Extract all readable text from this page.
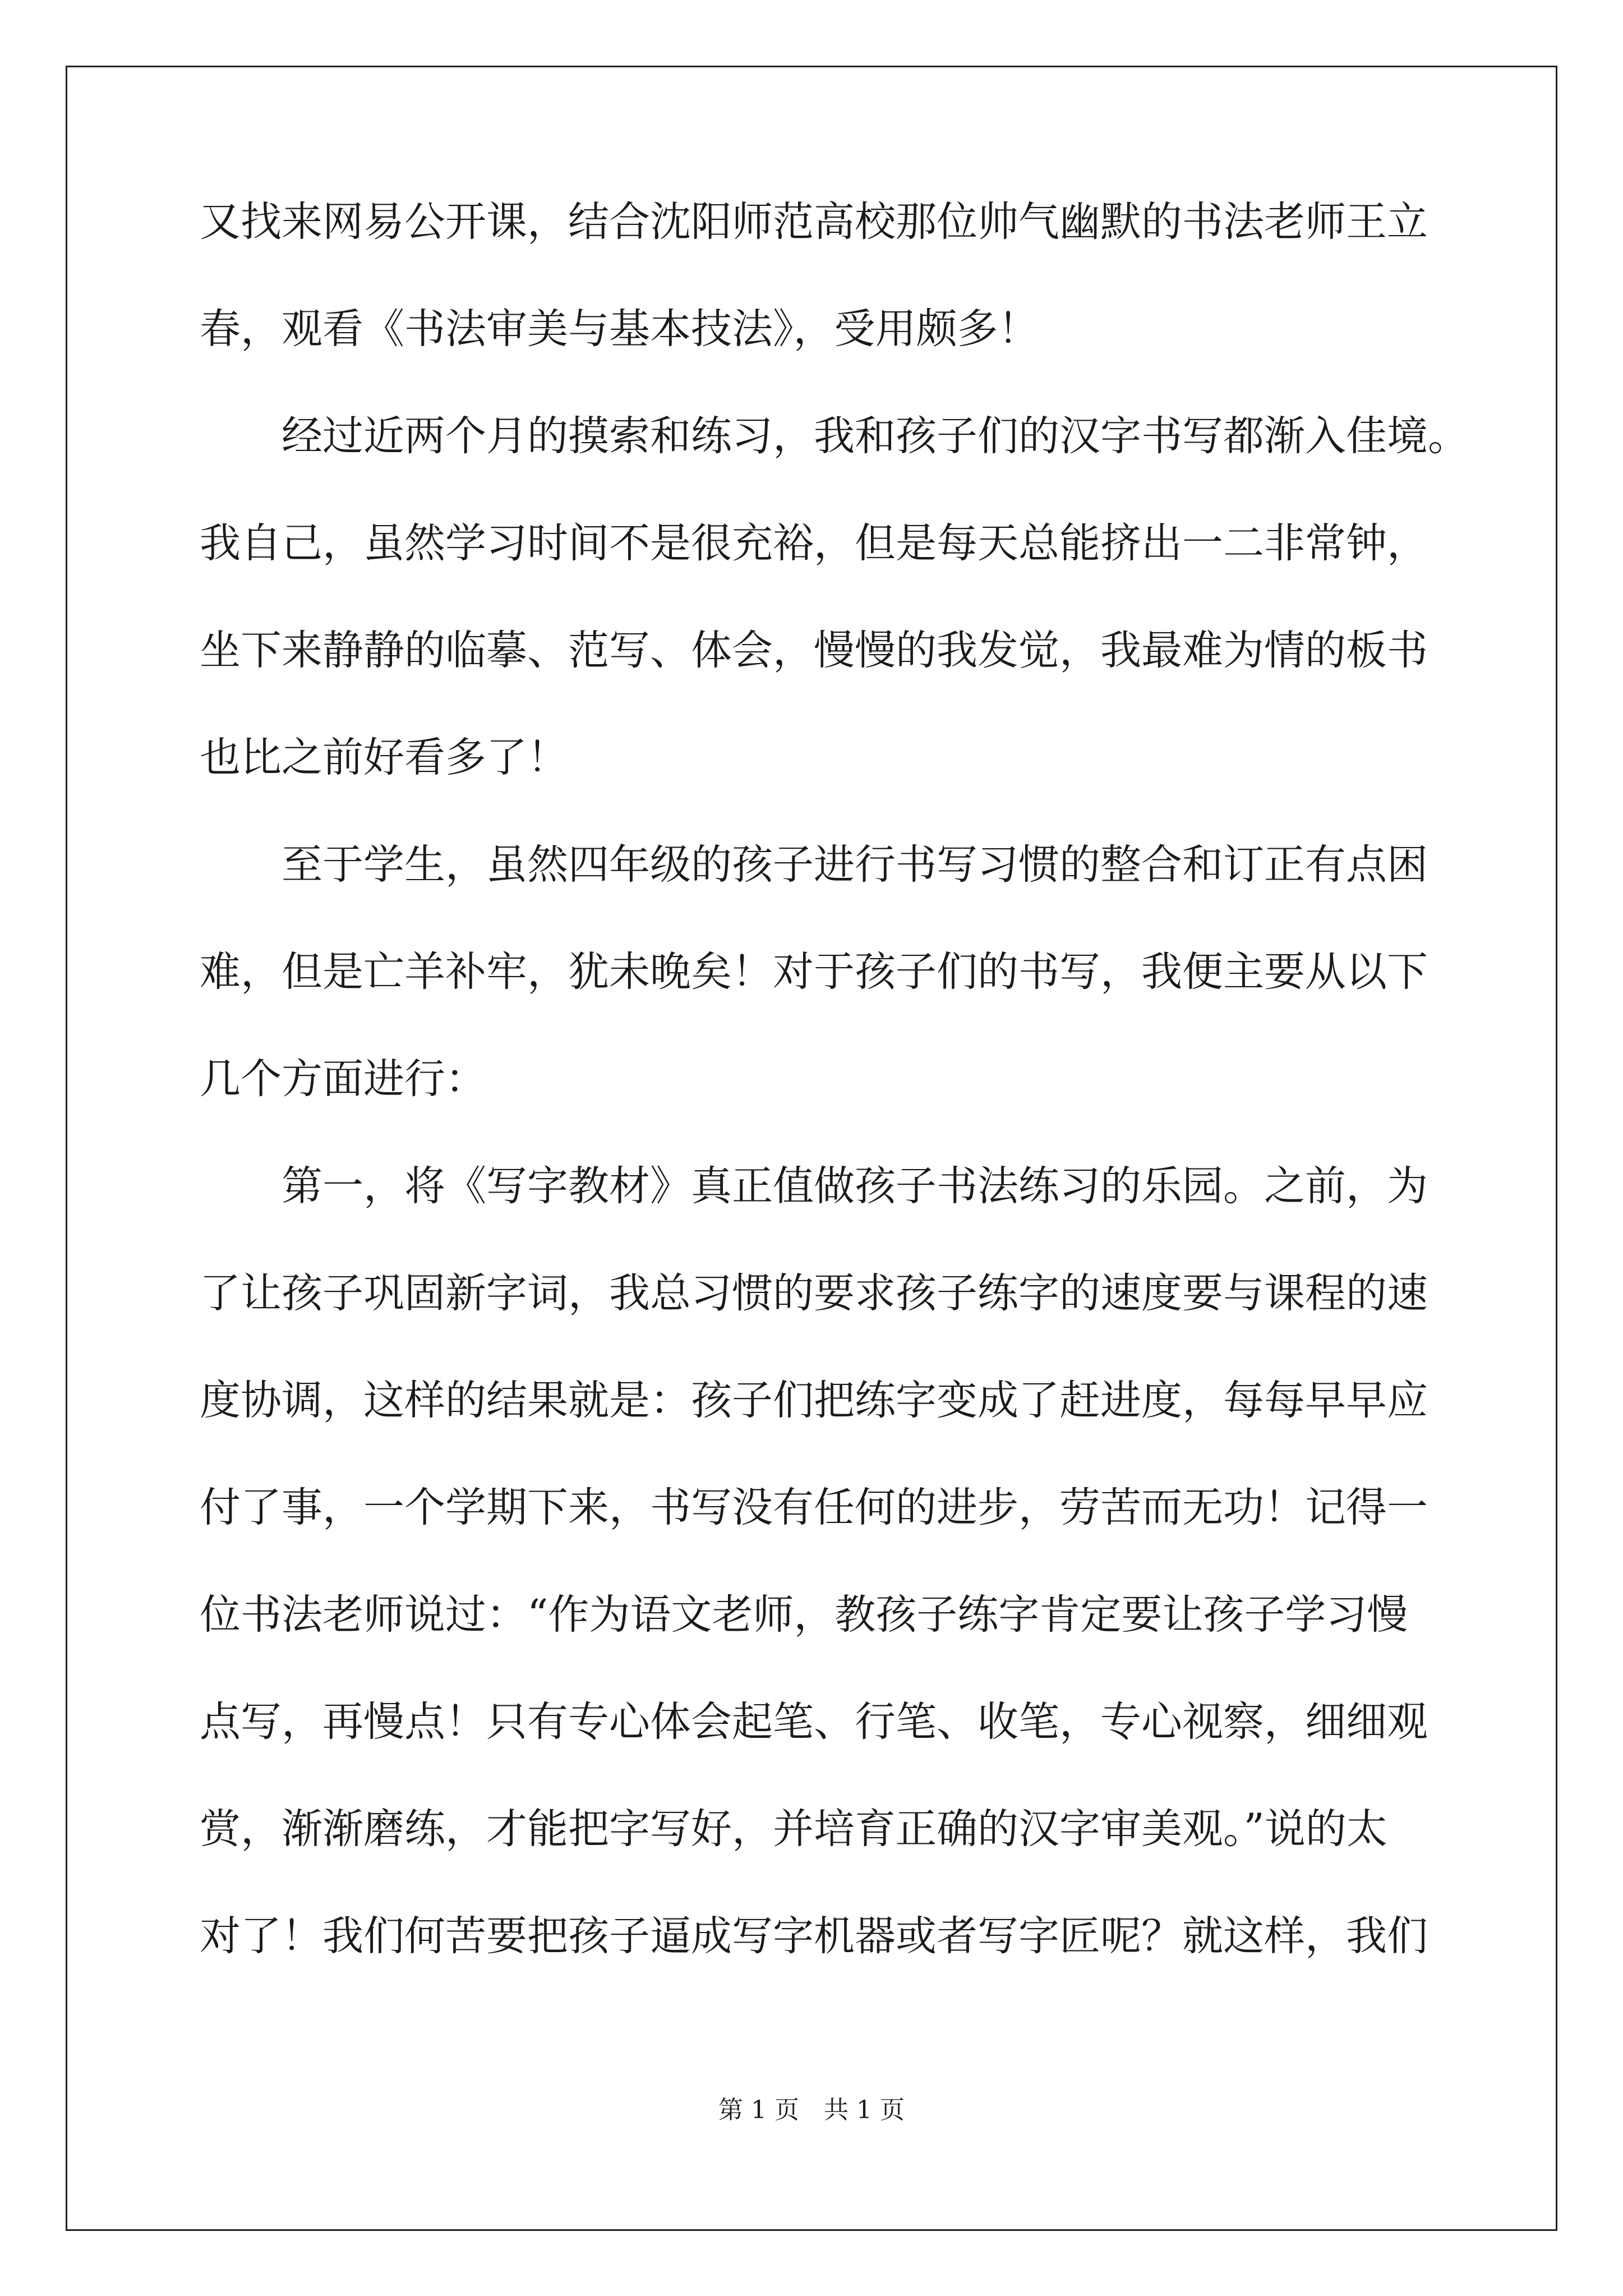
又找来网易公开课，结合沈阳师范高校那位帅气幽默的书法老师王立
春，观看《书法审美与基本技法》，受用颇多！

经过近两个月的摸索和练习，我和孩子们的汉字书写都渐入佳境。
我自己，虽然学习时间不是很充裕，但是每天总能挤出一二非常钟，
坐下来静静的临摹、范写、体会，慢慢的我发觉，我最难为情的板书
也比之前好看多了！

至于学生，虽然四年级的孩子进行书写习惯的整合和订正有点困
难，但是亡羊补牢，犹未晚矣！对于孩子们的书写，我便主要从以下
几个方面进行：

第一，将《写字教材》真正值做孩子书法练习的乐园。之前，为
了让孩子巩固新字词，我总习惯的要求孩子练字的速度要与课程的速
度协调，这样的结果就是：孩子们把练字变成了赶进度，每每早早应
付了事，一个学期下来，书写没有任何的进步，劳苦而无功！记得一
位书法老师说过：“作为语文老师，教孩子练字肯定要让孩子学习慢
点写，再慢点！只有专心体会起笔、行笔、收笔，专心视察，细细观
赏，渐渐磨练，才能把字写好，并培育正确的汉字审美观。”说的太
对了！我们何苦要把孩子逼成写字机器或者写字匠呢？就这样，我们

第 1 页　共 1 页
